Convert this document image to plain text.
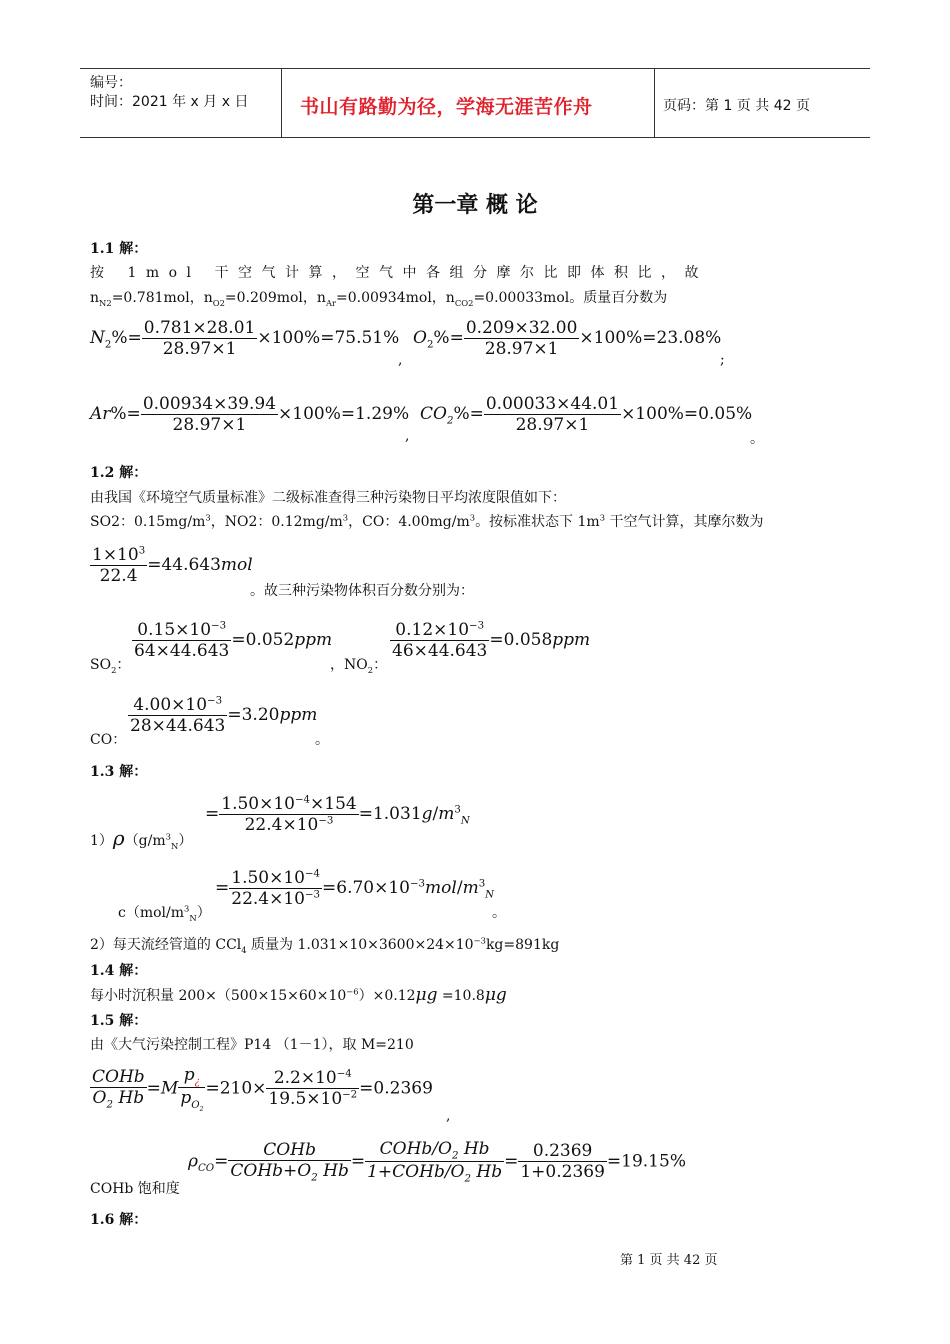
编号：
时间：2021 年 x 月 x 日	书山有路勤为径，学海无涯苦作舟	页码：第 1 页 共 42 页
第一章 概 论
1.1 解：
按 1mol 干空气计算，空气中各组分摩尔比即体积比，故
$n_{N2}=0.781mol$，$n_{O2}=0.209mol$，$n_{Ar}=0.00934mol$，$n_{CO2}=0.00033mol$。质量百分数为
$N_2\%= \frac{0.781\times 28.01}{28.97\times 1} \times 100\%=75.51\%$
,
$O_2\%= \frac{0.209\times 32.00}{28.97\times 1} \times 100\%=23.08\%$
;
$Ar\%= \frac{0.00934\times 39.94}{28.97\times 1} \times 100\%=1.29\%$
,
$CO_2\%= \frac{0.00033\times 44.01}{28.97\times 1} \times 100\%=0.05\%$
。
1.2 解：
由我国《环境空气质量标准》二级标准查得三种污染物日平均浓度限值如下：
SO2：$0.15mg/m^3$，NO2：$0.12mg/m^3$，CO：$4.00mg/m^3$。按标准状态下 $1m^3$ 干空气计算，其摩尔数为
$\frac{1\times 10^3}{22.4} =44.643mol$
。故三种污染物体积百分数分别为：
$SO_2$：
$\frac{0.15\times 10^{-3}}{64\times 44.643} =0.052ppm$
，$NO_2$：
$\frac{0.12\times 10^{-3}}{46\times 44.643} =0.058ppm$
CO：
$\frac{4.00\times 10^{-3}}{28\times 44.643} =3.20ppm$
。
1.3 解：
$1)\rho(g/m^3_N)$
= $\frac{1.50\times 10^{-4}\times 154}{22.4\times 10^{-3}} =1.031g/m^3_N$
$c(mol/m^3_N)$
= $\frac{1.50\times 10^{-4}}{22.4\times 10^{-3}} =6.70\times 10^{-3}mol/m^3_N$
。
2）每天流经管道的 CCl$_4$ 质量为 $1.031\times 10\times 3600\times 24\times 10^{-3}kg=891kg$
1.4 解：
每小时沉积量 $200\times(500\times 15\times 60\times 10^{-6})\times 0.12\mu g =10.8\mu g$
1.5 解：
由《大气污染控制工程》P14 （1－1），取 M=210
$\frac{\text{COHb}}{O_2 Hb} =M \frac{p_¿}{p_{O_2}} =210\times \frac{2.2\times 10^{-4}}{19.5\times 10^{-2}} =0.2369$
,
COHb 饱和度
$\rho_{CO}= \frac{\text{COHb}}{COHb+O_2 Hb} = \frac{COHb/O_2 Hb}{1+COHb/O_2 Hb} = \frac{0.2369}{1+0.2369} =19.15\%$
1.6 解：
第 1 页 共 42 页
